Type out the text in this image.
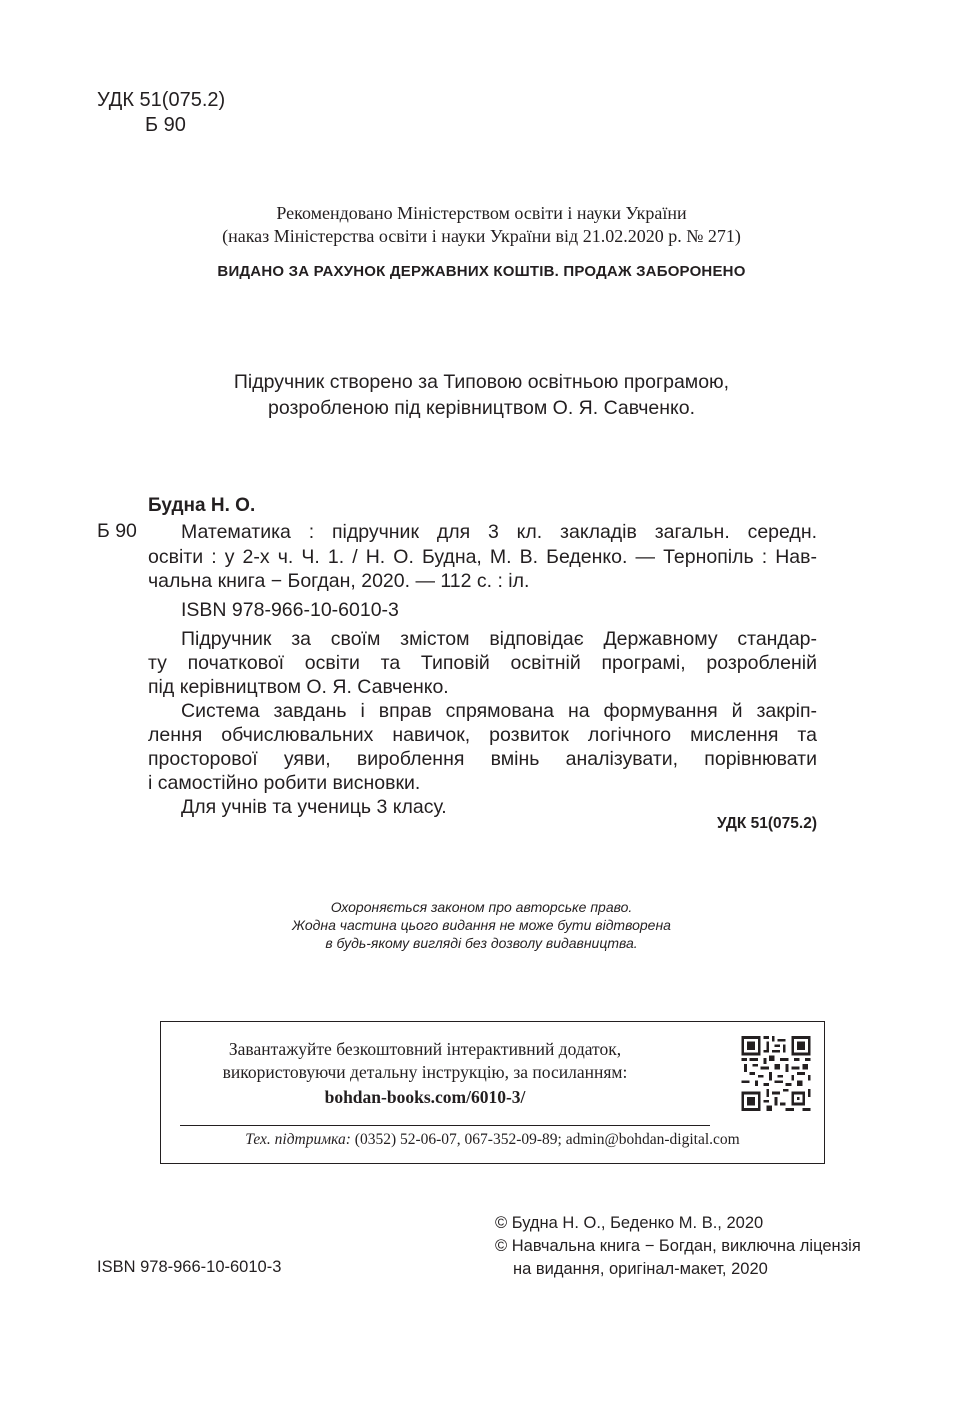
УДК 51(075.2)
Б 90
Рекомендовано Міністерством освіти і науки України
(наказ Міністерства освіти і науки України від 21.02.2020 р. № 271)
ВИДАНО ЗА РАХУНОК ДЕРЖАВНИХ КОШТІВ. ПРОДАЖ ЗАБОРОНЕНО
Підручник створено за Типовою освітньою програмою,
розробленою під керівництвом О. Я. Савченко.
Будна Н. О.
Б 90 Математика : підручник для 3 кл. закладів загальн. середн.
освіти : у 2-х ч. Ч. 1. / Н. О. Будна, М. В. Беденко. — Тернопіль : Нав-
чальна книга − Богдан, 2020. — 112 с. : іл.
ISBN 978-966-10-6010-3
Підручник за своїм змістом відповідає Державному стандар-
ту початкової освіти та Типовій освітній програмі, розробленій
під керівництвом О. Я. Савченко.
Система завдань і вправ спрямована на формування й закріп-
лення обчислювальних навичок, розвиток логічного мислення та
просторової уяви, вироблення вмінь аналізувати, порівнювати
і самостійно робити висновки.
Для учнів та учениць 3 класу.
УДК 51(075.2)
Охороняється законом про авторське право.
Жодна частина цього видання не може бути відтворена
в будь-якому вигляді без дозволу видавництва.
Завантажуйте безкоштовний інтерактивний додаток,
використовуючи детальну інструкцію, за посиланням:
bohdan-books.com/6010-3/
Тех. підтримка: (0352) 52-06-07, 067-352-09-89; admin@bohdan-digital.com
© Будна Н. О., Беденко М. В., 2020
© Навчальна книга − Богдан, виключна ліцензія
на видання, оригінал-макет, 2020
ISBN 978-966-10-6010-3
